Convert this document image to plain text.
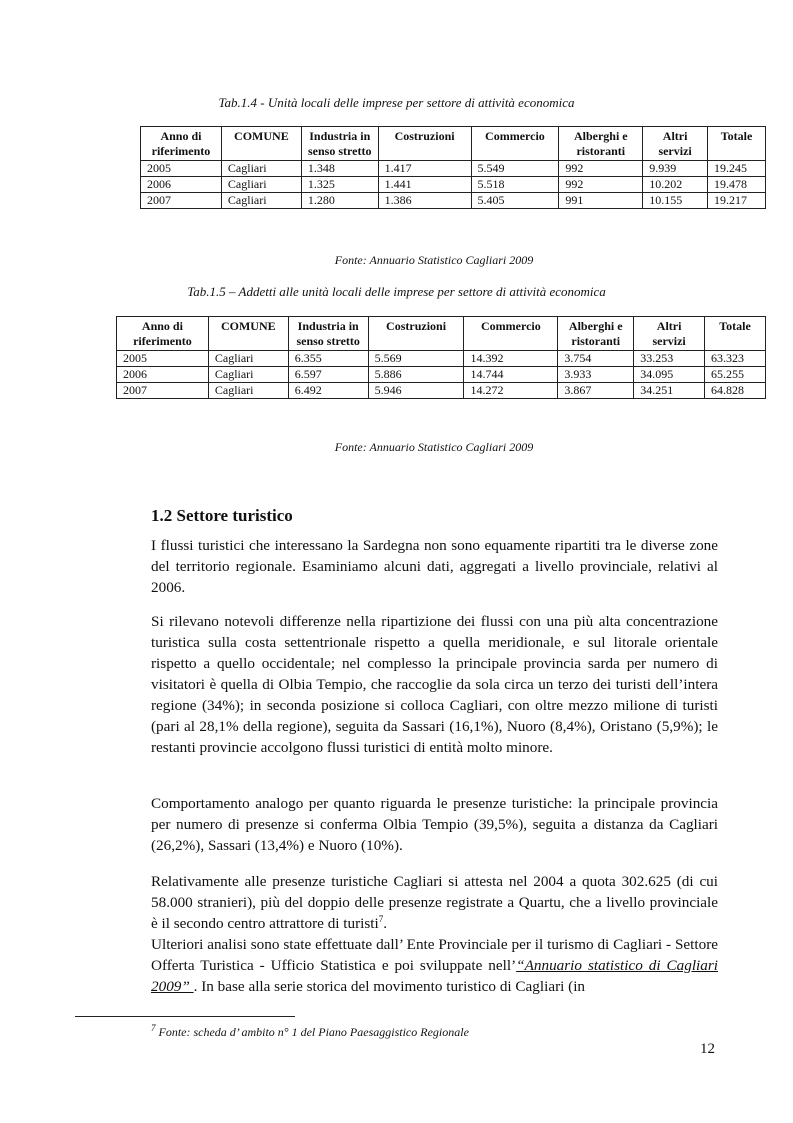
Tab.1.4 - Unità locali delle imprese per settore di attività economica
Anno di riferimento	COMUNE	Industria in senso stretto	Costruzioni	Commercio	Alberghi e ristoranti	Altri servizi	Totale
2005	Cagliari	1.348	1.417	5.549	992	9.939	19.245
2006	Cagliari	1.325	1.441	5.518	992	10.202	19.478
2007	Cagliari	1.280	1.386	5.405	991	10.155	19.217
Fonte: Annuario Statistico Cagliari 2009
Tab.1.5 – Addetti alle unità locali delle imprese per settore di attività economica
Anno di riferimento	COMUNE	Industria in senso stretto	Costruzioni	Commercio	Alberghi e ristoranti	Altri servizi	Totale
2005	Cagliari	6.355	5.569	14.392	3.754	33.253	63.323
2006	Cagliari	6.597	5.886	14.744	3.933	34.095	65.255
2007	Cagliari	6.492	5.946	14.272	3.867	34.251	64.828
Fonte: Annuario Statistico Cagliari 2009
1.2 Settore turistico

I flussi turistici che interessano la Sardegna non sono equamente ripartiti tra le diverse zone del territorio regionale. Esaminiamo alcuni dati, aggregati a livello provinciale, relativi al 2006.

Si rilevano notevoli differenze nella ripartizione dei flussi con una più alta concentrazione turistica sulla costa settentrionale rispetto a quella meridionale, e sul litorale orientale rispetto a quello occidentale; nel complesso la principale provincia sarda per numero di visitatori è quella di Olbia Tempio, che raccoglie da sola circa un terzo dei turisti dell’intera regione (34%); in seconda posizione si colloca Cagliari, con oltre mezzo milione di turisti (pari al 28,1% della regione), seguita da Sassari (16,1%), Nuoro (8,4%), Oristano (5,9%); le restanti provincie accolgono flussi turistici di entità molto minore.

Comportamento analogo per quanto riguarda le presenze turistiche: la principale provincia per numero di presenze si conferma Olbia Tempio (39,5%), seguita a distanza da Cagliari (26,2%), Sassari (13,4%) e Nuoro (10%).

Relativamente alle presenze turistiche Cagliari si attesta nel 2004 a quota 302.625 (di cui 58.000 stranieri), più del doppio delle presenze registrate a Quartu, che a livello provinciale è il secondo centro attrattore di turisti$^7$.

Ulteriori analisi sono state effettuate dall’ Ente Provinciale per il turismo di Cagliari - Settore Offerta Turistica - Ufficio Statistica e poi sviluppate nell’“Annuario statistico di Cagliari 2009” . In base alla serie storica del movimento turistico di Cagliari (in

$^7$ Fonte: scheda d’ ambito n° 1 del Piano Paesaggistico Regionale
12
